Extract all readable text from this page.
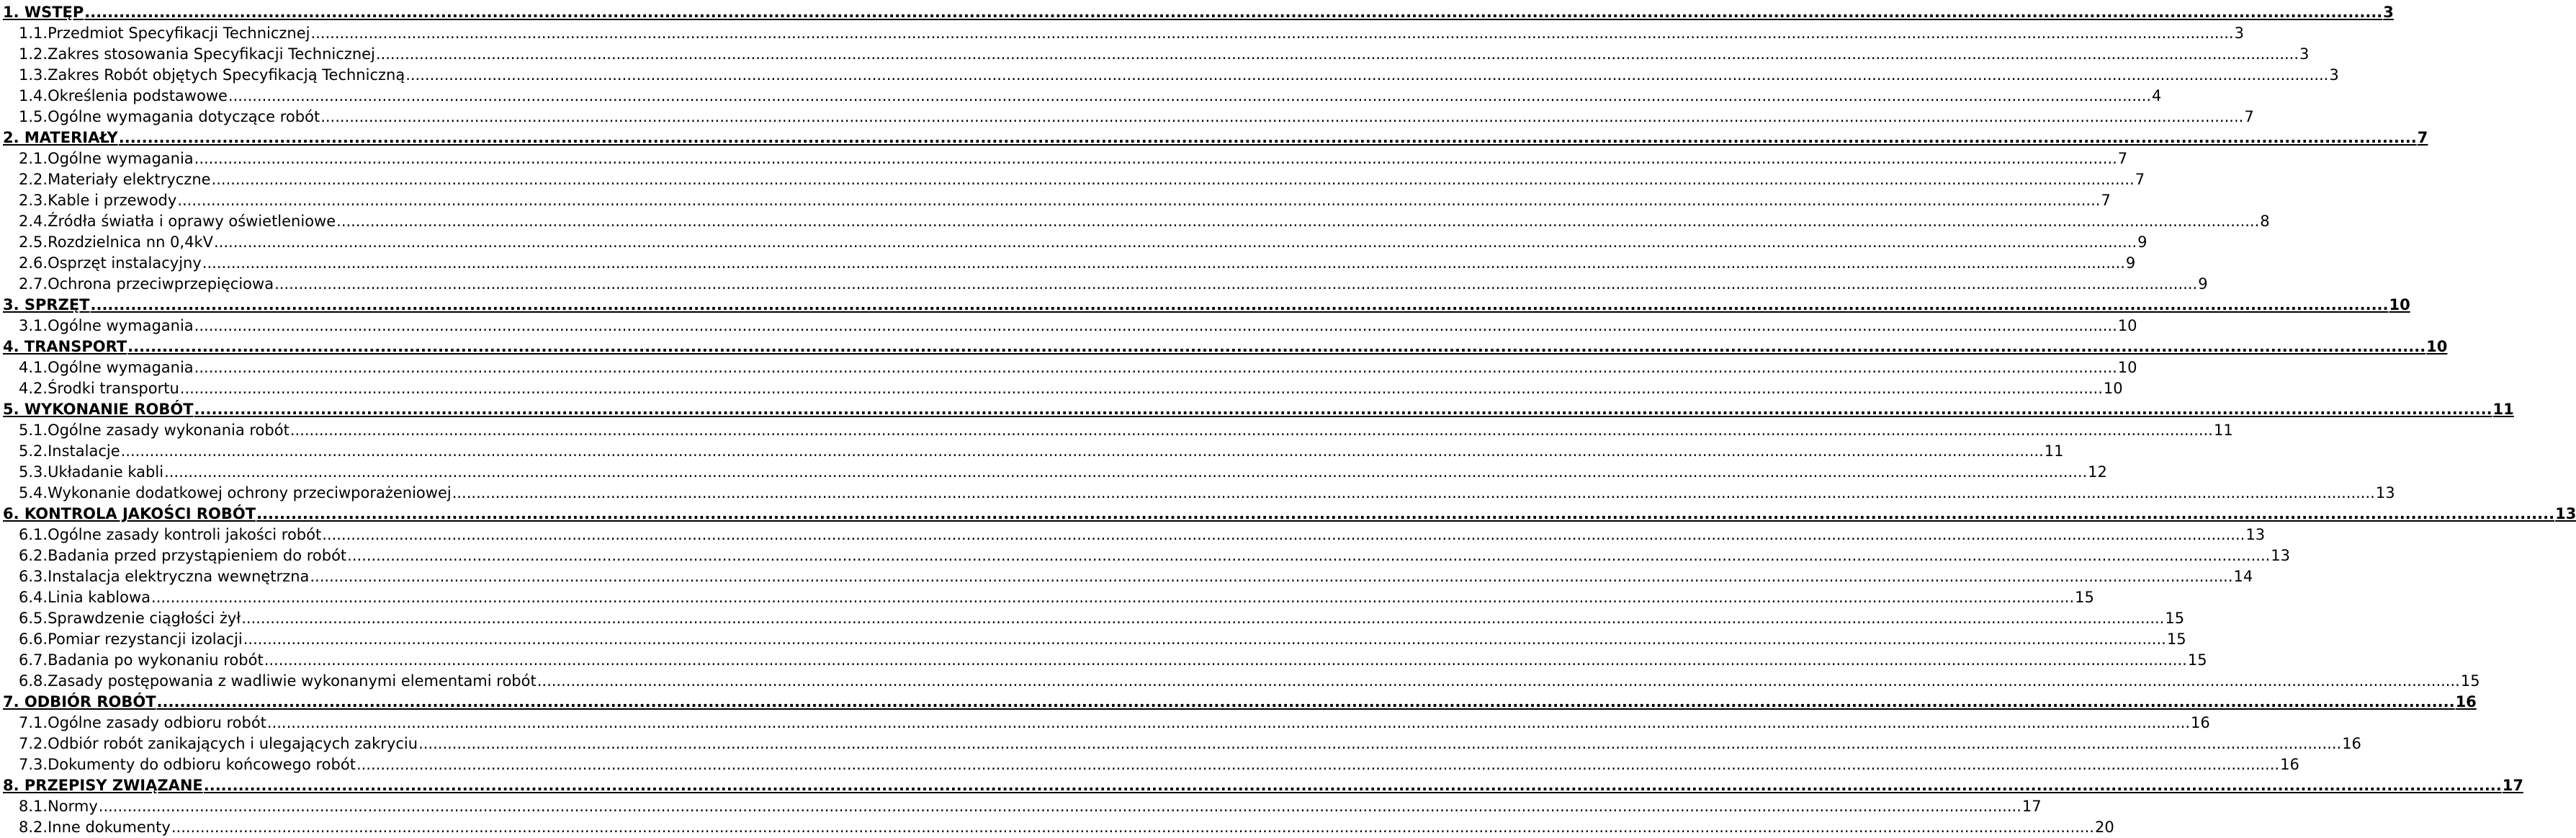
1. WSTĘP ................................................................................................................................................................................................................................................................................................................................................................................................................ 3
1.1.Przedmiot Specyfikacji Technicznej ................................................................................................................................................................................................................................................................................................................................................................................................................ 3
1.2.Zakres stosowania Specyfikacji Technicznej ................................................................................................................................................................................................................................................................................................................................................................................................................ 3
1.3.Zakres Robót objętych Specyfikacją Techniczną ................................................................................................................................................................................................................................................................................................................................................................................................................ 3
1.4.Określenia podstawowe ................................................................................................................................................................................................................................................................................................................................................................................................................ 4
1.5.Ogólne wymagania dotyczące robót ................................................................................................................................................................................................................................................................................................................................................................................................................ 7
2. MATERIAŁY ................................................................................................................................................................................................................................................................................................................................................................................................................ 7
2.1.Ogólne wymagania ................................................................................................................................................................................................................................................................................................................................................................................................................ 7
2.2.Materiały elektryczne ................................................................................................................................................................................................................................................................................................................................................................................................................ 7
2.3.Kable i przewody ................................................................................................................................................................................................................................................................................................................................................................................................................ 7
2.4.Źródła światła i oprawy oświetleniowe ................................................................................................................................................................................................................................................................................................................................................................................................................ 8
2.5.Rozdzielnica nn 0,4kV ................................................................................................................................................................................................................................................................................................................................................................................................................ 9
2.6.Osprzęt instalacyjny ................................................................................................................................................................................................................................................................................................................................................................................................................ 9
2.7.Ochrona przeciwprzepięciowa ................................................................................................................................................................................................................................................................................................................................................................................................................ 9
3. SPRZĘT ................................................................................................................................................................................................................................................................................................................................................................................................................ 10
3.1.Ogólne wymagania ................................................................................................................................................................................................................................................................................................................................................................................................................ 10
4. TRANSPORT ................................................................................................................................................................................................................................................................................................................................................................................................................ 10
4.1.Ogólne wymagania ................................................................................................................................................................................................................................................................................................................................................................................................................ 10
4.2.Środki transportu ................................................................................................................................................................................................................................................................................................................................................................................................................ 10
5. WYKONANIE ROBÓT ................................................................................................................................................................................................................................................................................................................................................................................................................ 11
5.1.Ogólne zasady wykonania robót ................................................................................................................................................................................................................................................................................................................................................................................................................ 11
5.2.Instalacje ................................................................................................................................................................................................................................................................................................................................................................................................................ 11
5.3.Układanie kabli ................................................................................................................................................................................................................................................................................................................................................................................................................ 12
5.4.Wykonanie dodatkowej ochrony przeciwporażeniowej ................................................................................................................................................................................................................................................................................................................................................................................................................ 13
6. KONTROLA JAKOŚCI ROBÓT ................................................................................................................................................................................................................................................................................................................................................................................................................ 13
6.1.Ogólne zasady kontroli jakości robót ................................................................................................................................................................................................................................................................................................................................................................................................................ 13
6.2.Badania przed przystąpieniem do robót ................................................................................................................................................................................................................................................................................................................................................................................................................ 13
6.3.Instalacja elektryczna wewnętrzna ................................................................................................................................................................................................................................................................................................................................................................................................................ 14
6.4.Linia kablowa ................................................................................................................................................................................................................................................................................................................................................................................................................ 15
6.5.Sprawdzenie ciągłości żył ................................................................................................................................................................................................................................................................................................................................................................................................................ 15
6.6.Pomiar rezystancji izolacji ................................................................................................................................................................................................................................................................................................................................................................................................................ 15
6.7.Badania po wykonaniu robót ................................................................................................................................................................................................................................................................................................................................................................................................................ 15
6.8.Zasady postępowania z wadliwie wykonanymi elementami robót ................................................................................................................................................................................................................................................................................................................................................................................................................ 15
7. ODBIÓR ROBÓT ................................................................................................................................................................................................................................................................................................................................................................................................................ 16
7.1.Ogólne zasady odbioru robót ................................................................................................................................................................................................................................................................................................................................................................................................................ 16
7.2.Odbiór robót zanikających i ulegających zakryciu ................................................................................................................................................................................................................................................................................................................................................................................................................ 16
7.3.Dokumenty do odbioru końcowego robót ................................................................................................................................................................................................................................................................................................................................................................................................................ 16
8. PRZEPISY ZWIĄZANE ................................................................................................................................................................................................................................................................................................................................................................................................................ 17
8.1.Normy ................................................................................................................................................................................................................................................................................................................................................................................................................ 17
8.2.Inne dokumenty ................................................................................................................................................................................................................................................................................................................................................................................................................ 20
